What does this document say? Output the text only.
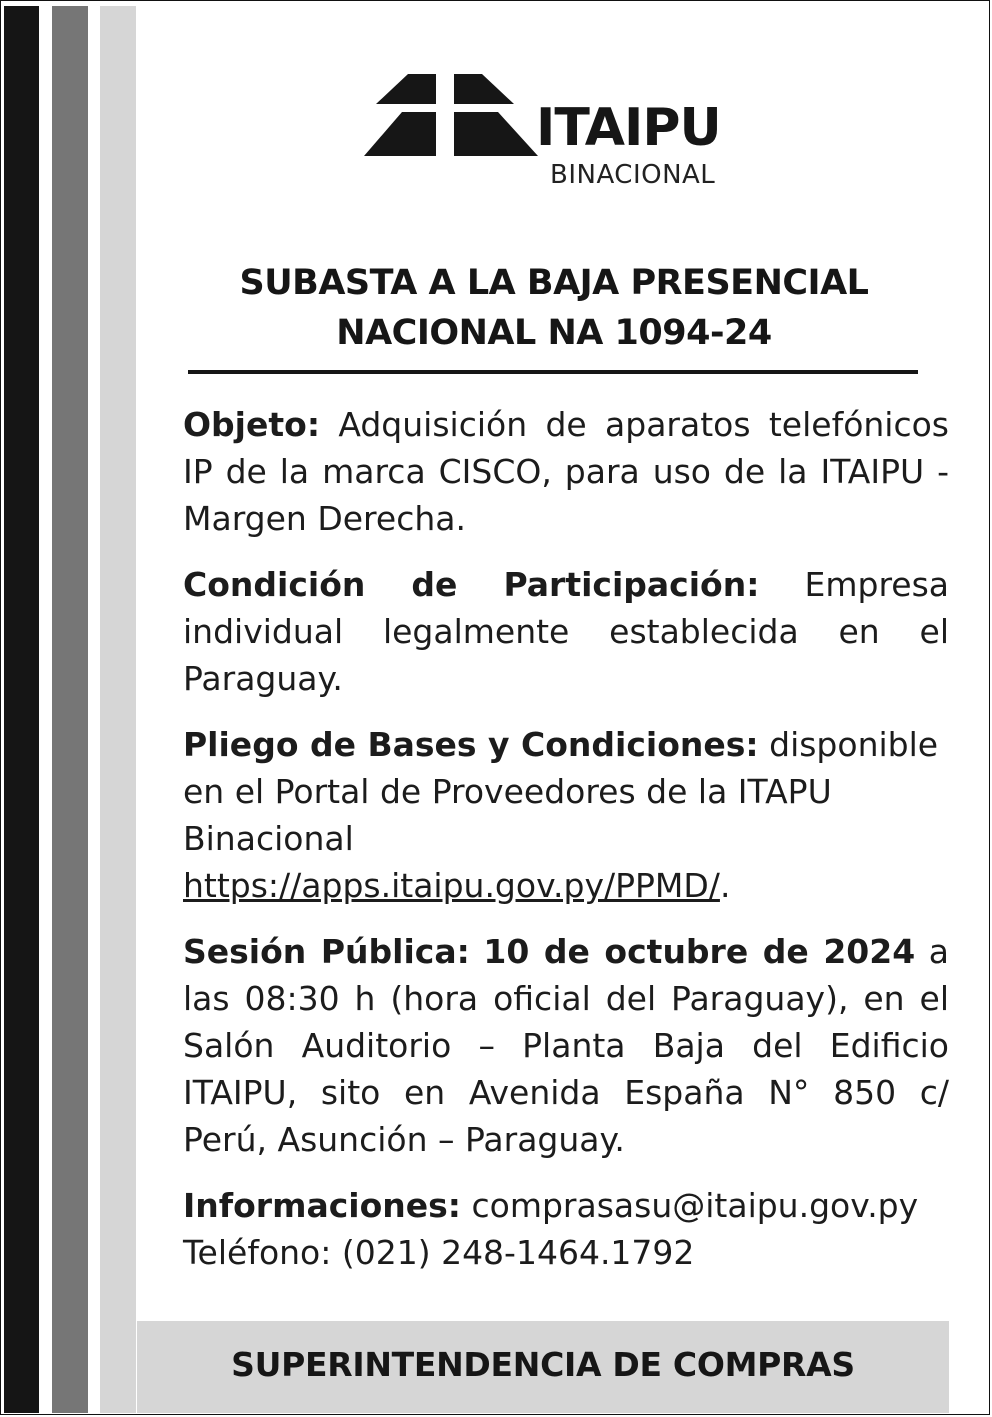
ITAIPU
BINACIONAL
SUBASTA A LA BAJA PRESENCIAL
NACIONAL NA 1094-24

Objeto: Adquisición de aparatos telefónicos IP de la marca CISCO, para uso de la ITAIPU - Margen Derecha.

Condición de Participación: Empresa individual legalmente establecida en el Paraguay.

Pliego de Bases y Condiciones: disponible en el Portal de Proveedores de la ITAPU Binacional
https://apps.itaipu.gov.py/PPMD/.

Sesión Pública: 10 de octubre de 2024 a las 08:30 h (hora oficial del Paraguay), en el Salón Auditorio – Planta Baja del Edificio ITAIPU, sito en Avenida España N° 850 c/ Perú, Asunción – Paraguay.

Informaciones: comprasasu@itaipu.gov.py
Teléfono: (021) 248-1464.1792

SUPERINTENDENCIA DE COMPRAS
